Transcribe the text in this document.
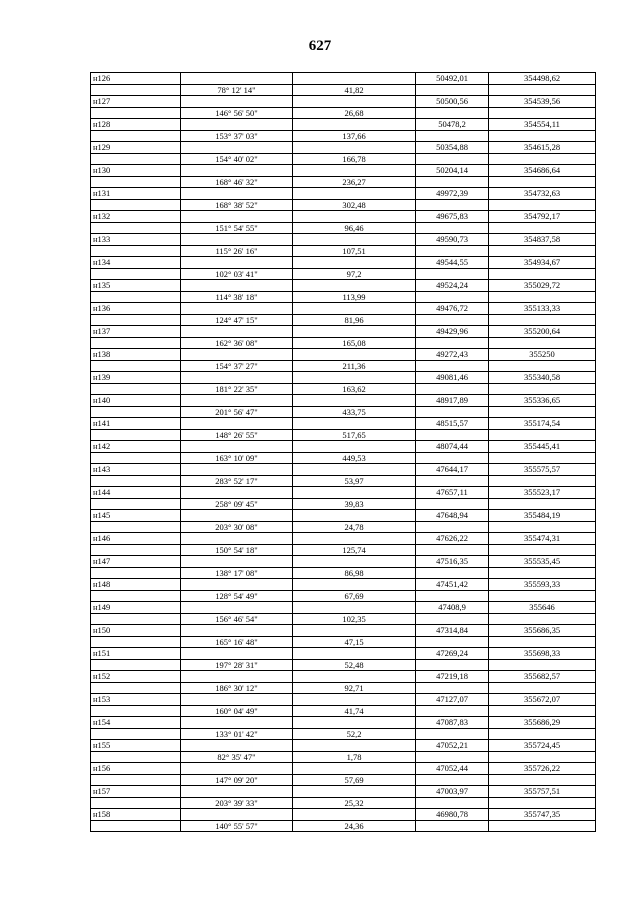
627
н126			50492,01	354498,62
	78° 12' 14"	41,82		
н127			50500,56	354539,56
	146° 56' 50"	26,68		
н128			50478,2	354554,11
	153° 37' 03"	137,66		
н129			50354,88	354615,28
	154° 40' 02"	166,78		
н130			50204,14	354686,64
	168° 46' 32"	236,27		
н131			49972,39	354732,63
	168° 38' 52"	302,48		
н132			49675,83	354792,17
	151° 54' 55"	96,46		
н133			49590,73	354837,58
	115° 26' 16"	107,51		
н134			49544,55	354934,67
	102° 03' 41"	97,2		
н135			49524,24	355029,72
	114° 38' 18"	113,99		
н136			49476,72	355133,33
	124° 47' 15"	81,96		
н137			49429,96	355200,64
	162° 36' 08"	165,08		
н138			49272,43	355250
	154° 37' 27"	211,36		
н139			49081,46	355340,58
	181° 22' 35"	163,62		
н140			48917,89	355336,65
	201° 56' 47"	433,75		
н141			48515,57	355174,54
	148° 26' 55"	517,65		
н142			48074,44	355445,41
	163° 10' 09"	449,53		
н143			47644,17	355575,57
	283° 52' 17"	53,97		
н144			47657,11	355523,17
	258° 09' 45"	39,83		
н145			47648,94	355484,19
	203° 30' 08"	24,78		
н146			47626,22	355474,31
	150° 54' 18"	125,74		
н147			47516,35	355535,45
	138° 17' 08"	86,98		
н148			47451,42	355593,33
	128° 54' 49"	67,69		
н149			47408,9	355646
	156° 46' 54"	102,35		
н150			47314,84	355686,35
	165° 16' 48"	47,15		
н151			47269,24	355698,33
	197° 28' 31"	52,48		
н152			47219,18	355682,57
	186° 30' 12"	92,71		
н153			47127,07	355672,07
	160° 04' 49"	41,74		
н154			47087,83	355686,29
	133° 01' 42"	52,2		
н155			47052,21	355724,45
	82° 35' 47"	1,78		
н156			47052,44	355726,22
	147° 09' 20"	57,69		
н157			47003,97	355757,51
	203° 39' 33"	25,32		
н158			46980,78	355747,35
	140° 55' 57"	24,36		
